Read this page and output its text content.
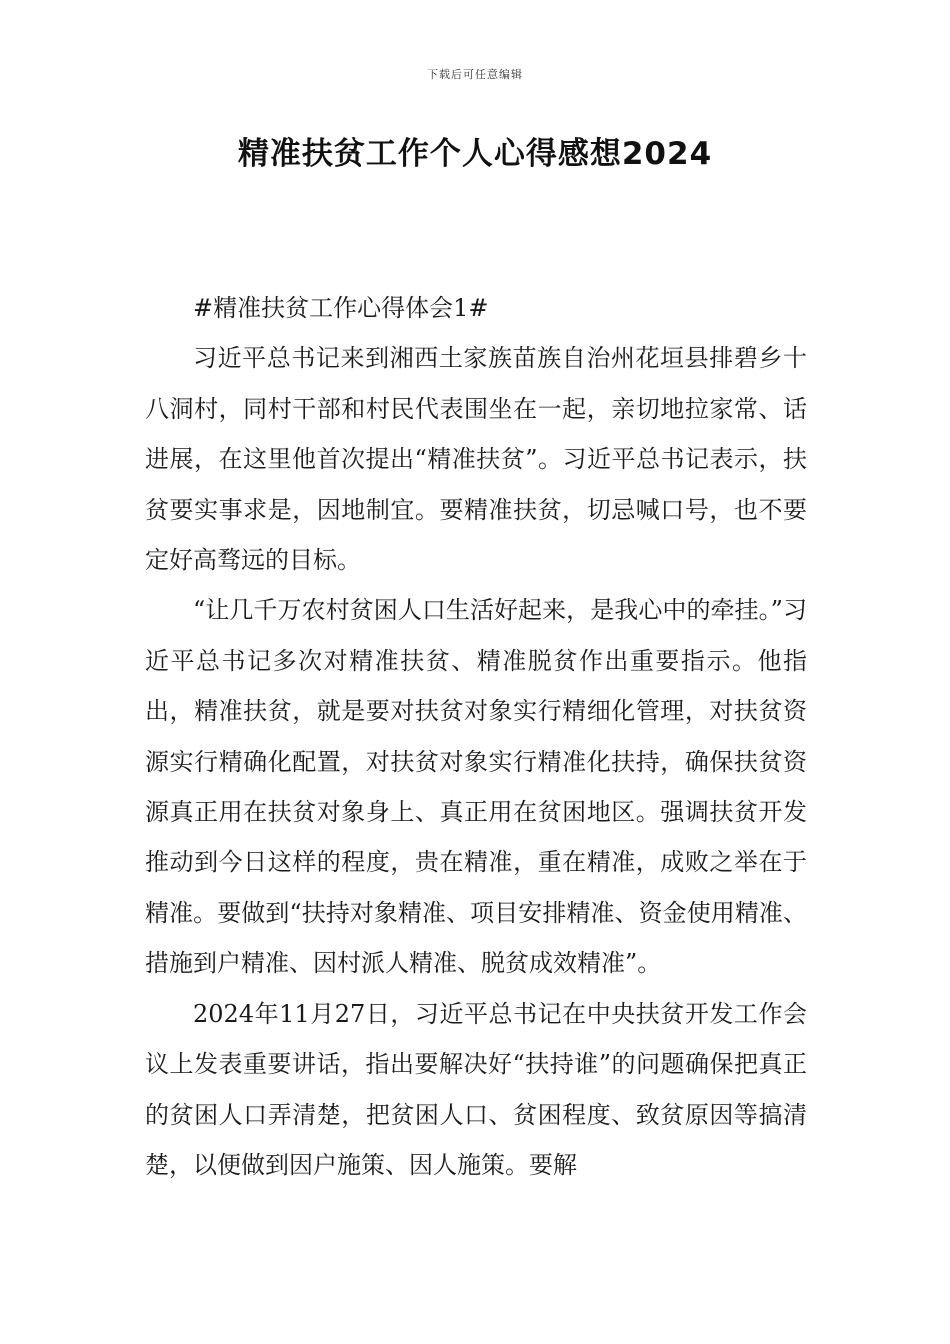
下载后可任意编辑
精准扶贫工作个人心得感想2024

#精准扶贫工作心得体会1#

习近平总书记来到湘西土家族苗族自治州花垣县排碧乡十八洞村，同村干部和村民代表围坐在一起，亲切地拉家常、话进展，在这里他首次提出“精准扶贫”。习近平总书记表示，扶贫要实事求是，因地制宜。要精准扶贫，切忌喊口号，也不要定好高骛远的目标。

“让几千万农村贫困人口生活好起来，是我心中的牵挂。”习近平总书记多次对精准扶贫、精准脱贫作出重要指示。他指出，精准扶贫，就是要对扶贫对象实行精细化管理，对扶贫资源实行精确化配置，对扶贫对象实行精准化扶持，确保扶贫资源真正用在扶贫对象身上、真正用在贫困地区。强调扶贫开发推动到今日这样的程度，贵在精准，重在精准，成败之举在于精准。要做到“扶持对象精准、项目安排精准、资金使用精准、措施到户精准、因村派人精准、脱贫成效精准”。

2024年11月27日，习近平总书记在中央扶贫开发工作会议上发表重要讲话，指出要解决好“扶持谁”的问题确保把真正的贫困人口弄清楚，把贫困人口、贫困程度、致贫原因等搞清楚，以便做到因户施策、因人施策。要解
